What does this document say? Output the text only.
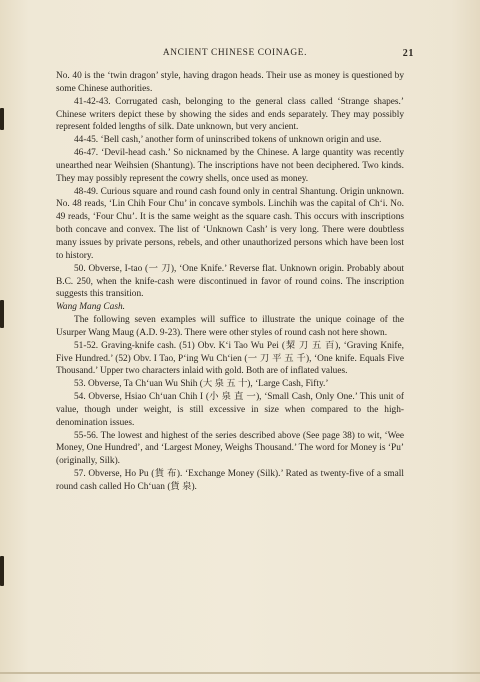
ANCIENT CHINESE COINAGE.	21

No. 40 is the ‘twin dragon’ style, having dragon heads. Their use as money is questioned by some Chinese authorities.

41-42-43. Corrugated cash, belonging to the general class called ‘Strange shapes.’ Chinese writers depict these by showing the sides and ends separately. They may possibly represent folded lengths of silk. Date unknown, but very ancient.

44-45. ‘Bell cash,’ another form of uninscribed tokens of unknown origin and use.

46-47. ‘Devil-head cash.’ So nicknamed by the Chinese. A large quantity was recently unearthed near Weihsien (Shantung). The inscriptions have not been deciphered. Two kinds. They may possibly represent the cowry shells, once used as money.

48-49. Curious square and round cash found only in central Shantung. Origin unknown. No. 48 reads, ‘Lin Chih Four Chu’ in concave symbols. Linchih was the capital of Ch‘i. No. 49 reads, ‘Four Chu’. It is the same weight as the square cash. This occurs with inscriptions both concave and convex. The list of ‘Unknown Cash’ is very long. There were doubtless many issues by private persons, rebels, and other unauthorized persons which have been lost to history.

50. Obverse, I-tao (一 刀), ‘One Knife.’ Reverse flat. Unknown origin. Probably about B.C. 250, when the knife-cash were discontinued in favor of round coins. The inscription suggests this transition.

Wang Mang Cash.

The following seven examples will suffice to illustrate the unique coinage of the Usurper Wang Maug (A.D. 9-23). There were other styles of round cash not here shown.

51-52. Graving-knife cash. (51) Obv. K‘i Tao Wu Pei (栔 刀 五 百), ‘Graving Knife, Five Hundred.’ (52) Obv. I Tao, P‘ing Wu Ch‘ien (一 刀 平 五 千), ‘One knife. Equals Five Thousand.’ Upper two characters inlaid with gold. Both are of inflated values.

53. Obverse, Ta Ch‘uan Wu Shih (大 泉 五 十), ‘Large Cash, Fifty.’

54. Obverse, Hsiao Ch‘uan Chih I (小 泉 直 一), ‘Small Cash, Only One.’ This unit of value, though under weight, is still excessive in size when compared to the high-denomination issues.

55-56. The lowest and highest of the series described above (See page 38) to wit, ‘Wee Money, One Hundred’, and ‘Largest Money, Weighs Thousand.’ The word for Money is ‘Pu’ (originally, Silk).

57. Obverse, Ho Pu (貨 布). ‘Exchange Money (Silk).’ Rated as twenty-five of a small round cash called Ho Ch‘uan (貨 泉).
